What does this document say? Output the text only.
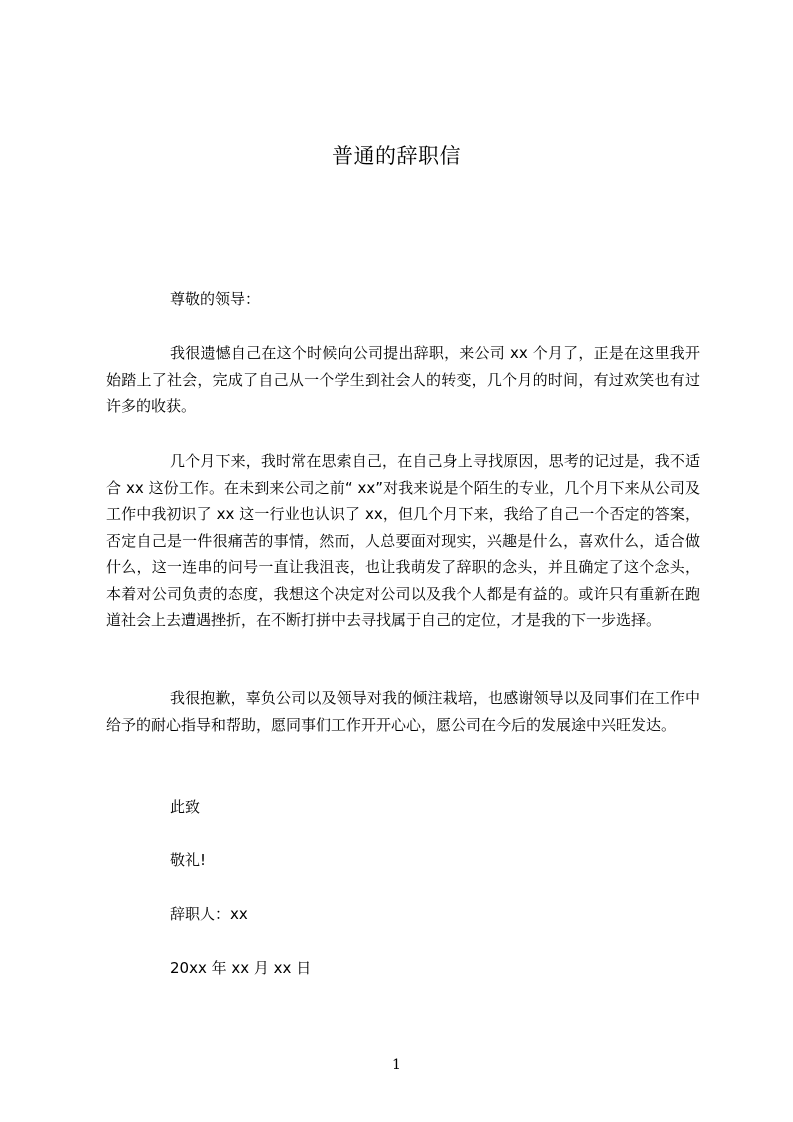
普通的辞职信
尊敬的领导：

我很遗憾自己在这个时候向公司提出辞职，来公司 xx 个月了，正是在这里我开始踏上了社会，完成了自己从一个学生到社会人的转变，几个月的时间，有过欢笑也有过许多的收获。

几个月下来，我时常在思索自己，在自己身上寻找原因，思考的记过是，我不适合 xx 这份工作。在未到来公司之前“ xx”对我来说是个陌生的专业，几个月下来从公司及工作中我初识了 xx 这一行业也认识了 xx，但几个月下来，我给了自己一个否定的答案，否定自己是一件很痛苦的事情，然而，人总要面对现实，兴趣是什么，喜欢什么，适合做什么，这一连串的问号一直让我沮丧，也让我萌发了辞职的念头，并且确定了这个念头，本着对公司负责的态度，我想这个决定对公司以及我个人都是有益的。或许只有重新在跑道社会上去遭遇挫折，在不断打拼中去寻找属于自己的定位，才是我的下一步选择。

我很抱歉，辜负公司以及领导对我的倾注栽培，也感谢领导以及同事们在工作中给予的耐心指导和帮助，愿同事们工作开开心心，愿公司在今后的发展途中兴旺发达。

此致
敬礼!
辞职人：xx
20xx 年 xx 月 xx 日
1
